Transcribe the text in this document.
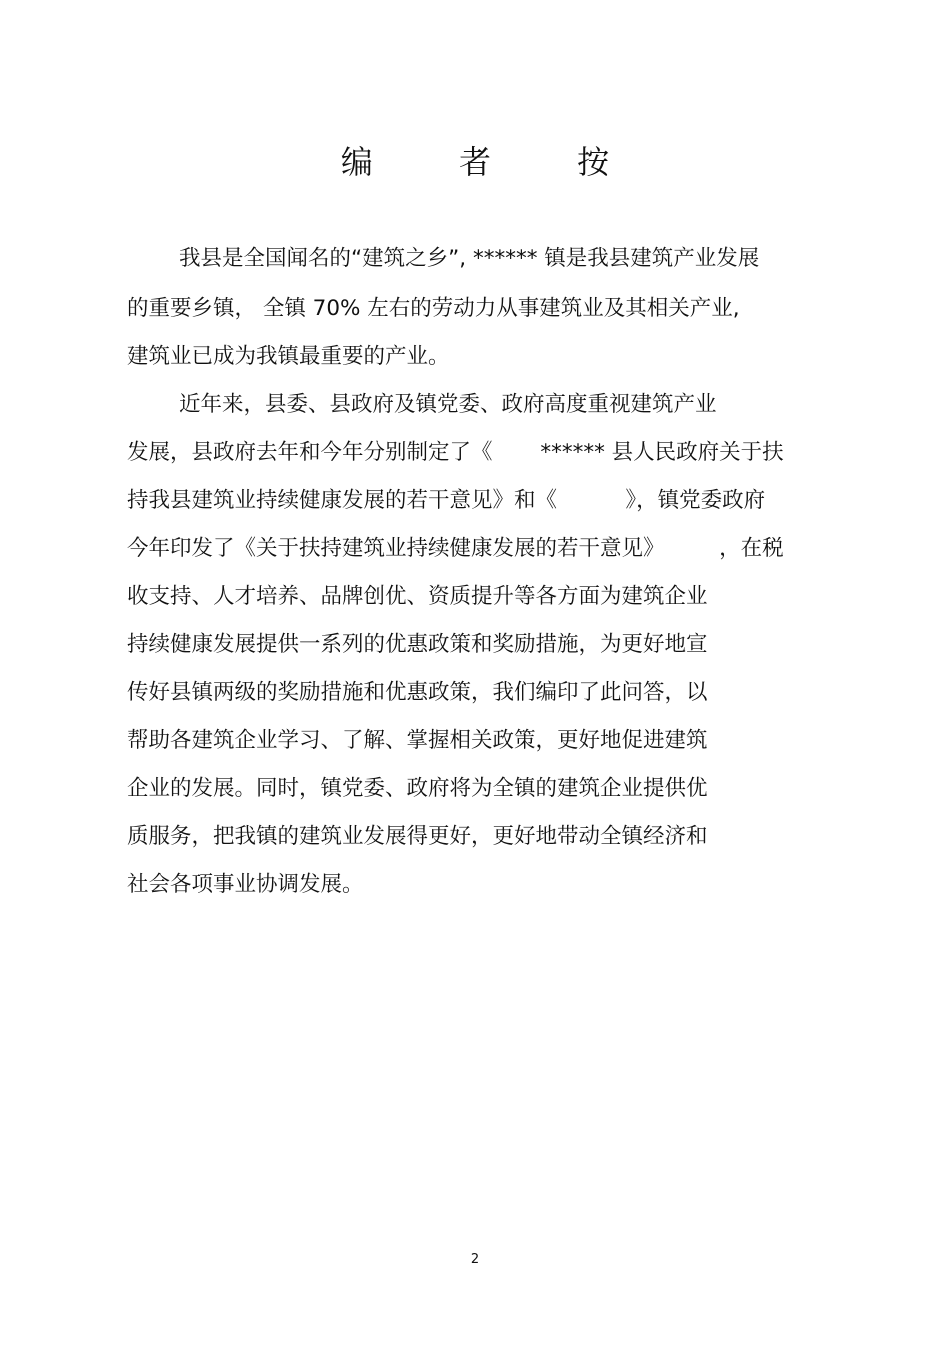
编 者 按

我县是全国闻名的“建筑之乡”, ****** 镇是我县建筑产业发展

的重要乡镇， 全镇 70% 左右的劳动力从事建筑业及其相关产业,

建筑业已成为我镇最重要的产业。

近年来，县委、县政府及镇党委、政府高度重视建筑产业

发展，县政府去年和今年分别制定了《       ****** 县人民政府关于扶

持我县建筑业持续健康发展的若干意见》和《          》，镇党委政府

今年印发了《关于扶持建筑业持续健康发展的若干意见》        ，在税

收支持、人才培养、品牌创优、资质提升等各方面为建筑企业

持续健康发展提供一系列的优惠政策和奖励措施，为更好地宣

传好县镇两级的奖励措施和优惠政策，我们编印了此问答，以

帮助各建筑企业学习、了解、掌握相关政策，更好地促进建筑

企业的发展。同时，镇党委、政府将为全镇的建筑企业提供优

质服务，把我镇的建筑业发展得更好，更好地带动全镇经济和

社会各项事业协调发展。

2
